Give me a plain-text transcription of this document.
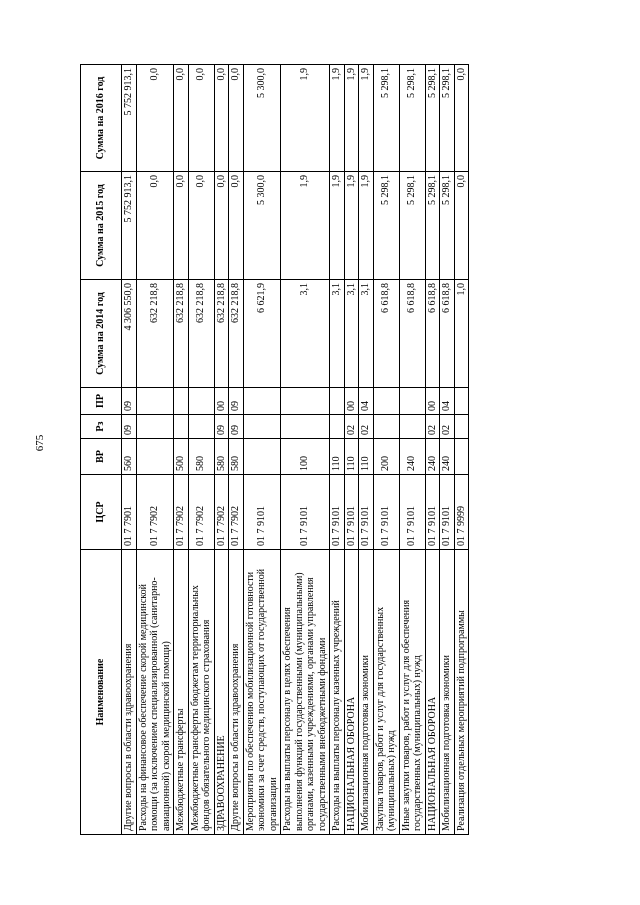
675
Наименование	ЦСР	ВР	Рз	ПР	Сумма на 2014 год	Сумма на 2015 год	Сумма на 2016 год
Другие вопросы в области здравоохранения	01 7 7901	560	09	09	4 306 550,0	5 752 913,1	5 752 913,1
Расходы на финансовое обеспечение скорой медицинской помощи (за исключением специализированной (санитарно-авиационной) скорой медицинской помощи)	01 7 7902				632 218,8	0,0	0,0
Межбюджетные трансферты	01 7 7902	500			632 218,8	0,0	0,0
Межбюджетные трансферты бюджетам территориальных фондов обязательного медицинского страхования	01 7 7902	580			632 218,8	0,0	0,0
ЗДРАВООХРАНЕНИЕ	01 7 7902	580	09	00	632 218,8	0,0	0,0
Другие вопросы в области здравоохранения	01 7 7902	580	09	09	632 218,8	0,0	0,0
Мероприятия по обеспечению мобилизационной готовности экономики за счет средств, поступающих от государственной организации	01 7 9101				6 621,9	5 300,0	5 300,0
Расходы на выплаты персоналу в целях обеспечения выполнения функций государственными (муниципальными) органами, казенными учреждениями, органами управления государственными внебюджетными фондами	01 7 9101	100			3,1	1,9	1,9
Расходы на выплаты персоналу казенных учреждений	01 7 9101	110			3,1	1,9	1,9
НАЦИОНАЛЬНАЯ ОБОРОНА	01 7 9101	110	02	00	3,1	1,9	1,9
Мобилизационная подготовка экономики	01 7 9101	110	02	04	3,1	1,9	1,9
Закупка товаров, работ и услуг для государственных (муниципальных) нужд	01 7 9101	200			6 618,8	5 298,1	5 298,1
Иные закупки товаров, работ и услуг для обеспечения государственных (муниципальных) нужд	01 7 9101	240			6 618,8	5 298,1	5 298,1
НАЦИОНАЛЬНАЯ ОБОРОНА	01 7 9101	240	02	00	6 618,8	5 298,1	5 298,1
Мобилизационная подготовка экономики	01 7 9101	240	02	04	6 618,8	5 298,1	5 298,1
Реализация отдельных мероприятий подпрограммы	01 7 9999				1,0	0,0	0,0
